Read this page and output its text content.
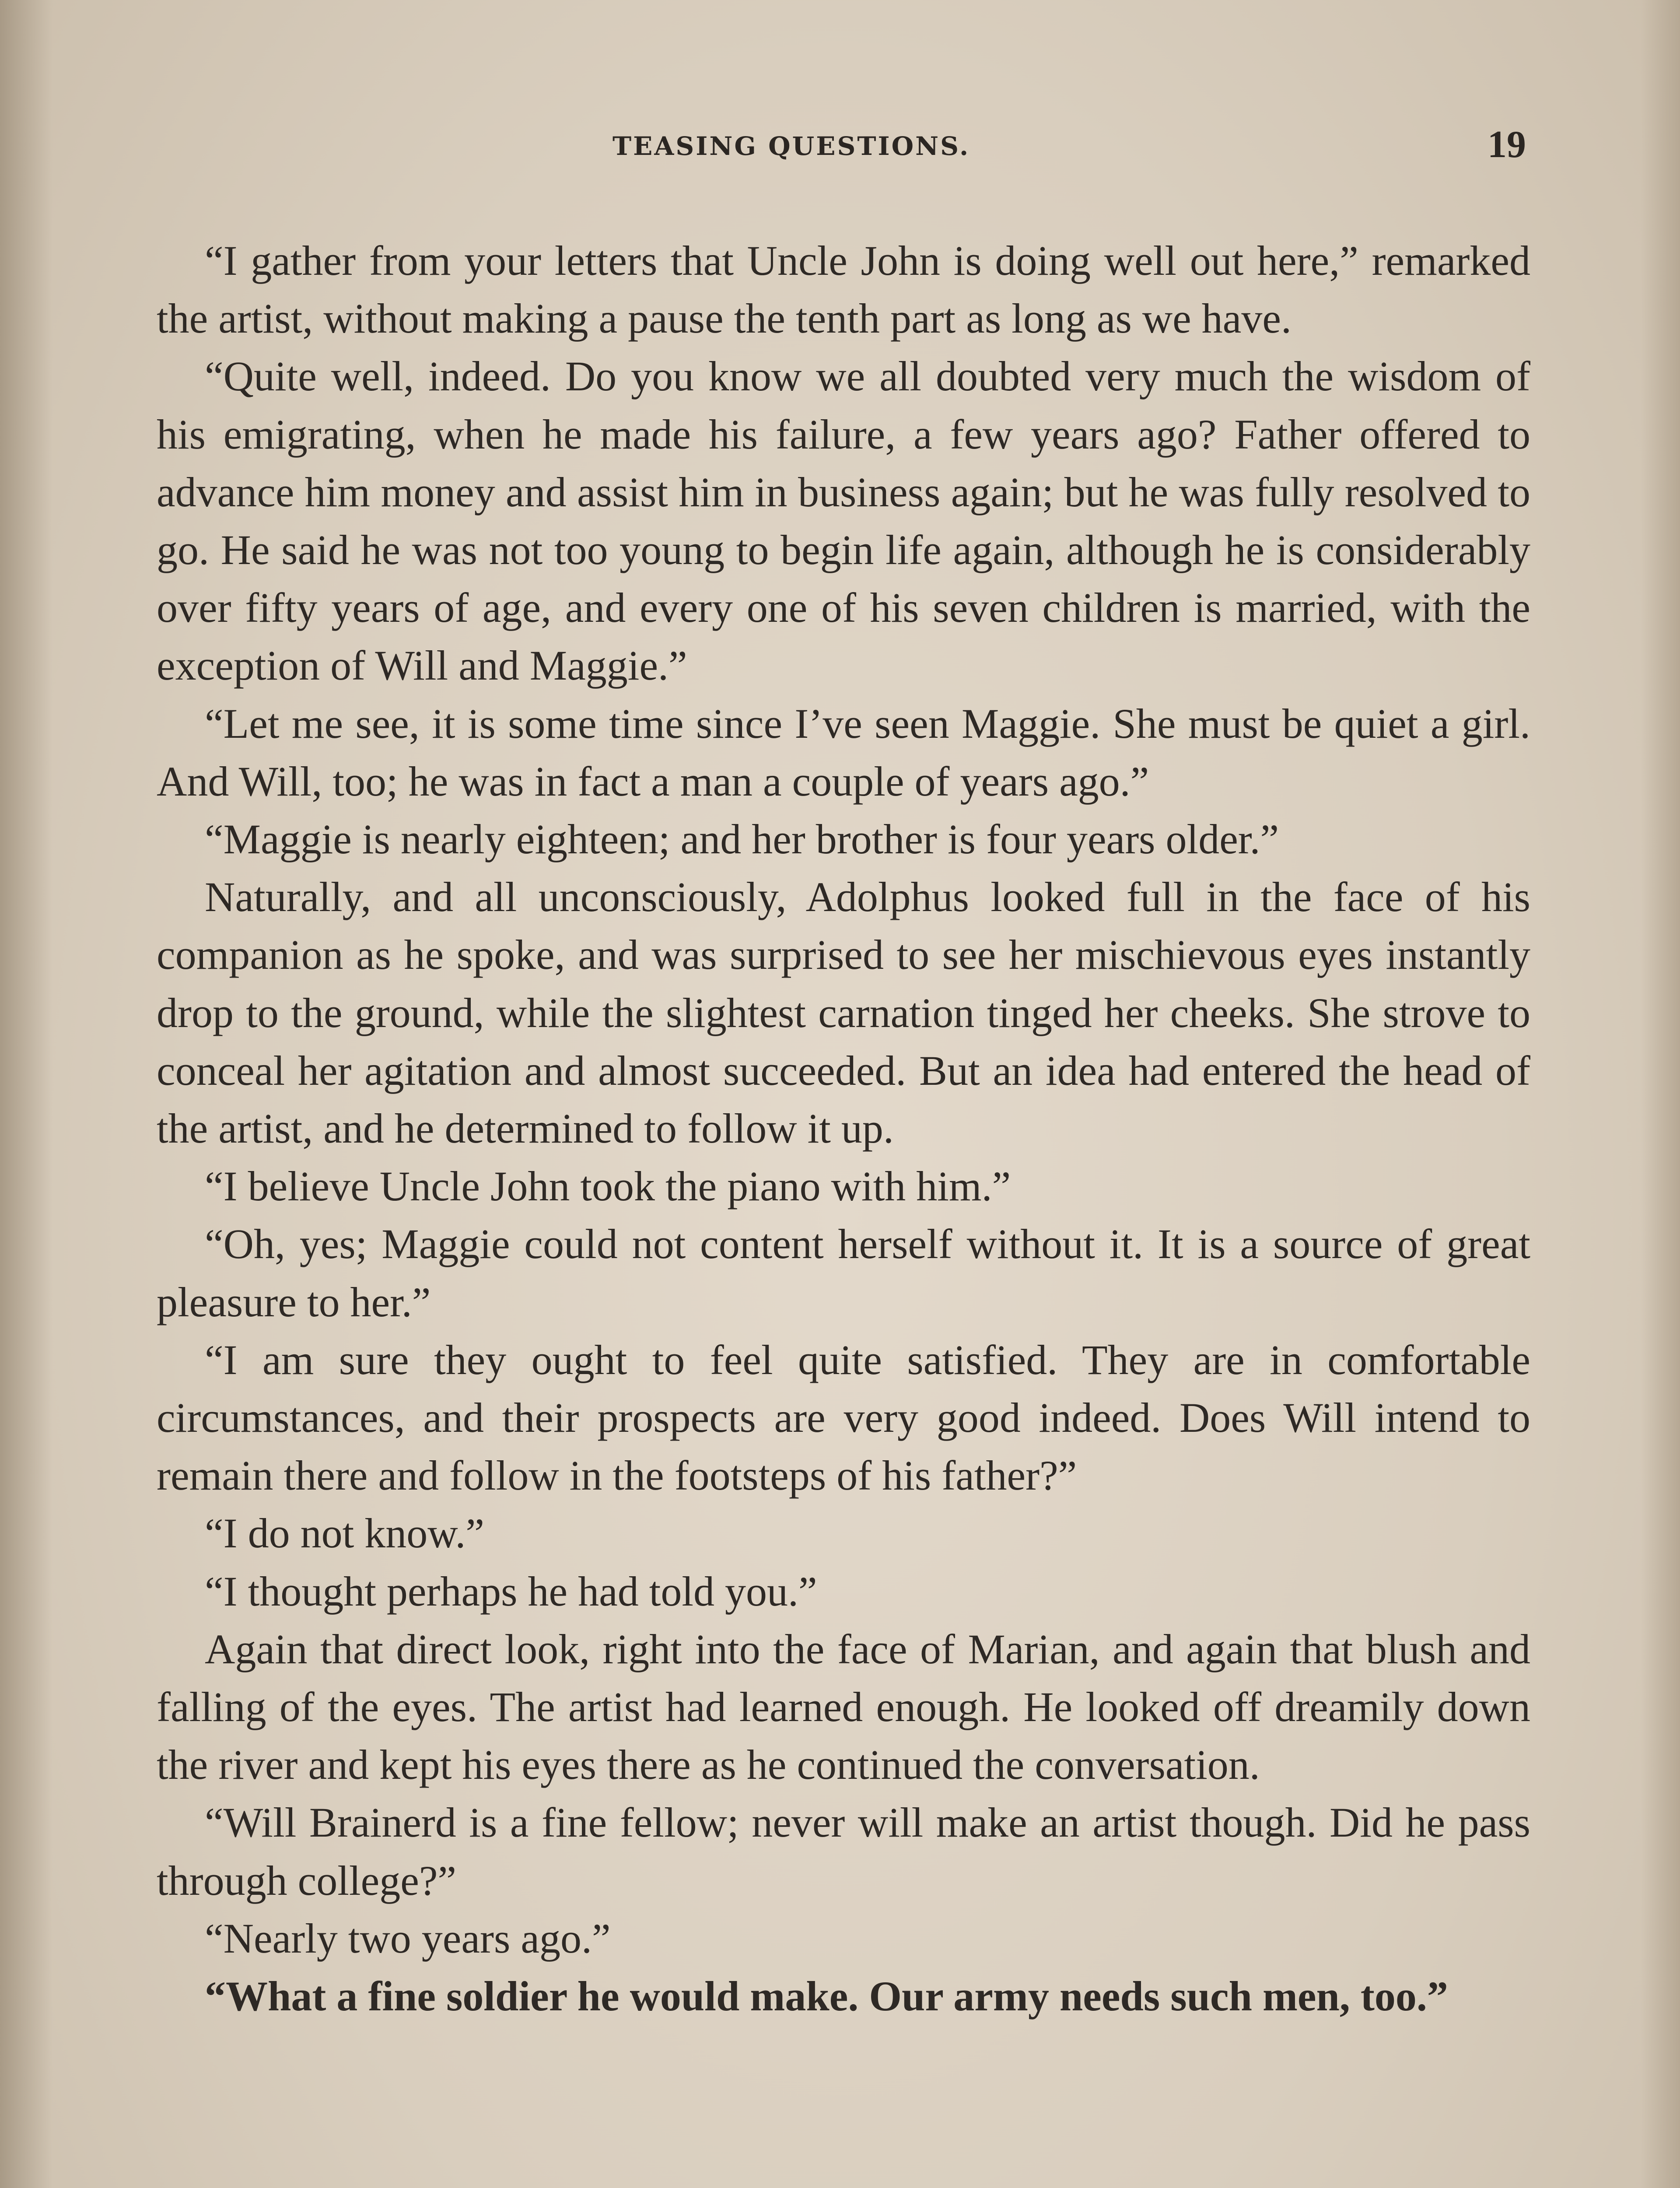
TEASING QUESTIONS.	19

“I gather from your letters that Uncle John is doing well out here,” remarked the artist, without making a pause the tenth part as long as we have.

“Quite well, indeed. Do you know we all doubted very much the wisdom of his emigrating, when he made his failure, a few years ago? Father offered to advance him money and assist him in business again; but he was fully resolved to go. He said he was not too young to begin life again, although he is considerably over fifty years of age, and every one of his seven children is married, with the exception of Will and Maggie.”

“Let me see, it is some time since I’ve seen Maggie. She must be quiet a girl. And Will, too; he was in fact a man a couple of years ago.”

“Maggie is nearly eighteen; and her brother is four years older.”

Naturally, and all unconsciously, Adolphus looked full in the face of his companion as he spoke, and was surprised to see her mischievous eyes instantly drop to the ground, while the slightest carnation tinged her cheeks. She strove to conceal her agitation and almost succeeded. But an idea had entered the head of the artist, and he determined to follow it up.

“I believe Uncle John took the piano with him.”

“Oh, yes; Maggie could not content herself without it. It is a source of great pleasure to her.”

“I am sure they ought to feel quite satisfied. They are in comfortable circumstances, and their prospects are very good indeed. Does Will intend to remain there and follow in the footsteps of his father?”

“I do not know.”

“I thought perhaps he had told you.”

Again that direct look, right into the face of Marian, and again that blush and falling of the eyes. The artist had learned enough. He looked off dreamily down the river and kept his eyes there as he continued the conversation.

“Will Brainerd is a fine fellow; never will make an artist though. Did he pass through college?”

“Nearly two years ago.”

“What a fine soldier he would make. Our army needs such men, too.”
